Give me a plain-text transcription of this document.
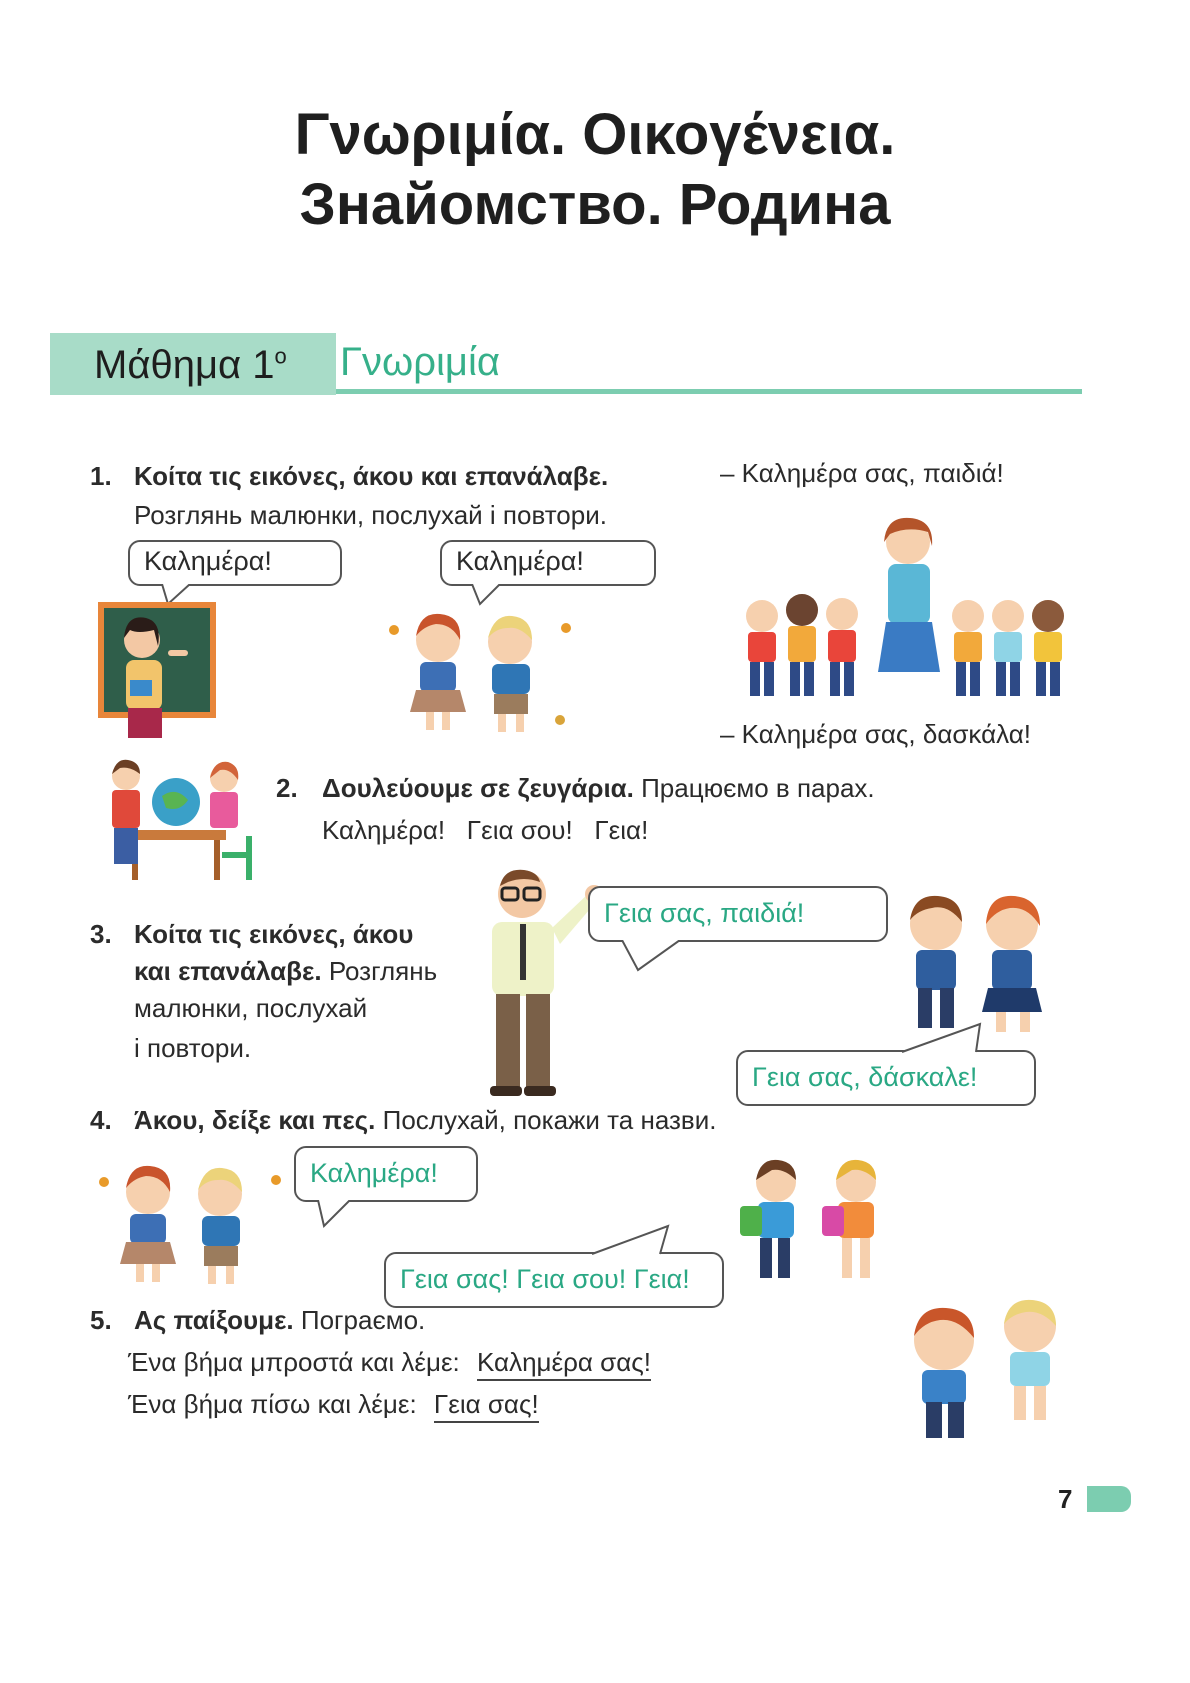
Γνωριμία. Οικογένεια.
Знайомство. Родина
Μάθημα $1^o$ Γνωριμία
1. Κοίτα τις εικόνες, άκου και επανάλαβε.
Розглянь малюнки, послухай і повтори.
– Καλημέρα σας, παιδιά!
– Καλημέρα σας, δασκάλα!
Καλημέρα!	Καλημέρα!
2. Δουλεύουμε σε ζευγάρια. Працюємо в парах.
Καλημέρα!   Γεια σου!   Γεια!
3. Κοίτα τις εικόνες, άκου
και επανάλαβε. Розглянь
малюнки, послухай
і повтори.
Γεια σας, παιδιά!
Γεια σας, δάσκαλε!
4. Άκου, δείξε και πες. Послухай, покажи та назви.
Καλημέρα!
Γεια σας! Γεια σου! Γεια!
5. Ας παίξουμε. Пограємо.
Ένα βήμα μπροστά και λέμε: Καλημέρα σας!
Ένα βήμα πίσω και λέμε: Γεια σας!
7
